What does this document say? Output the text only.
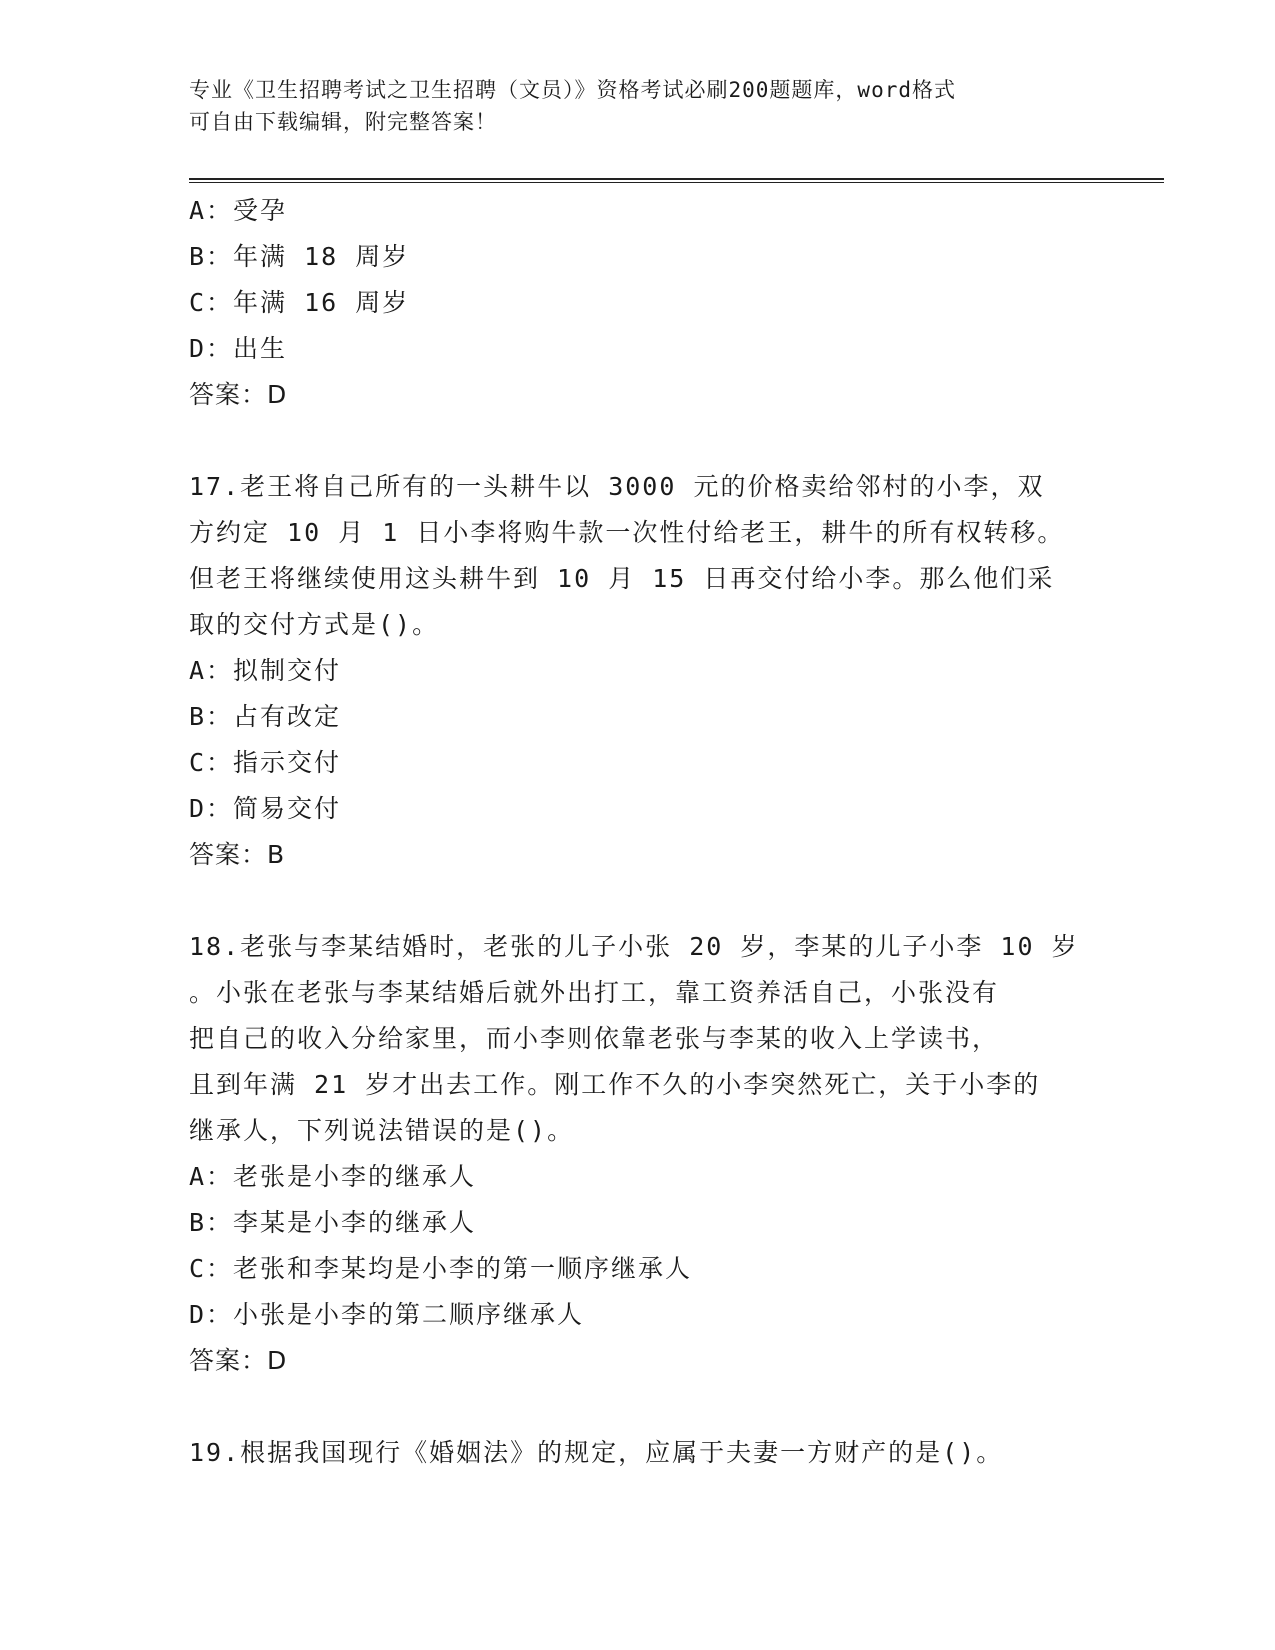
专业《卫生招聘考试之卫生招聘（文员）》资格考试必刷200题题库，word格式
可自由下载编辑，附完整答案！
A：受孕
B：年满 18 周岁
C：年满 16 周岁
D：出生
答案：D
17.老王将自己所有的一头耕牛以 3000 元的价格卖给邻村的小李，双
方约定 10 月 1 日小李将购牛款一次性付给老王，耕牛的所有权转移。
但老王将继续使用这头耕牛到 10 月 15 日再交付给小李。那么他们采
取的交付方式是()。
A：拟制交付
B：占有改定
C：指示交付
D：简易交付
答案：B
18.老张与李某结婚时，老张的儿子小张 20 岁，李某的儿子小李 10 岁
。小张在老张与李某结婚后就外出打工，靠工资养活自己，小张没有
把自己的收入分给家里，而小李则依靠老张与李某的收入上学读书，
且到年满 21 岁才出去工作。刚工作不久的小李突然死亡，关于小李的
继承人，下列说法错误的是()。
A：老张是小李的继承人
B：李某是小李的继承人
C：老张和李某均是小李的第一顺序继承人
D：小张是小李的第二顺序继承人
答案：D
19.根据我国现行《婚姻法》的规定，应属于夫妻一方财产的是()。
